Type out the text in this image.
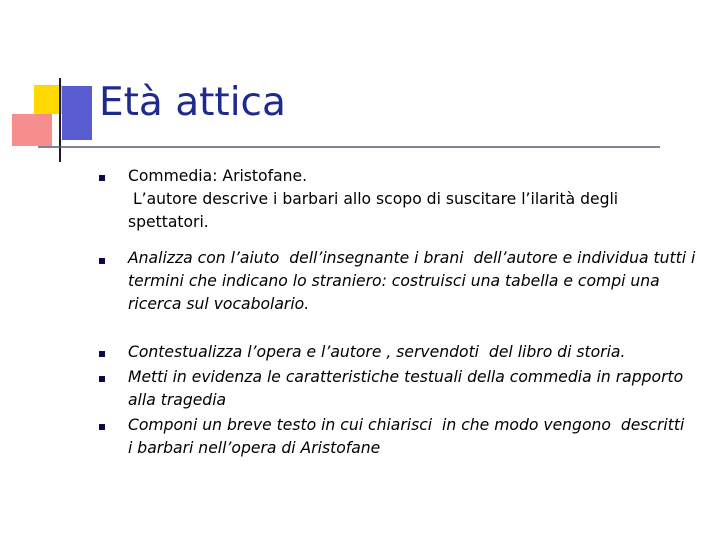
Età attica
Commedia: Aristofane.
L’autore descrive i barbari allo scopo di suscitare l’ilarità degli
spettatori.
Analizza con l’aiuto  dell’insegnante i brani  dell’autore e individua tutti i
termini che indicano lo straniero: costruisci una tabella e compi una
ricerca sul vocabolario.
Contestualizza l’opera e l’autore , servendoti  del libro di storia.
Metti in evidenza le caratteristiche testuali della commedia in rapporto
alla tragedia
Componi un breve testo in cui chiarisci  in che modo vengono  descritti
i barbari nell’opera di Aristofane
